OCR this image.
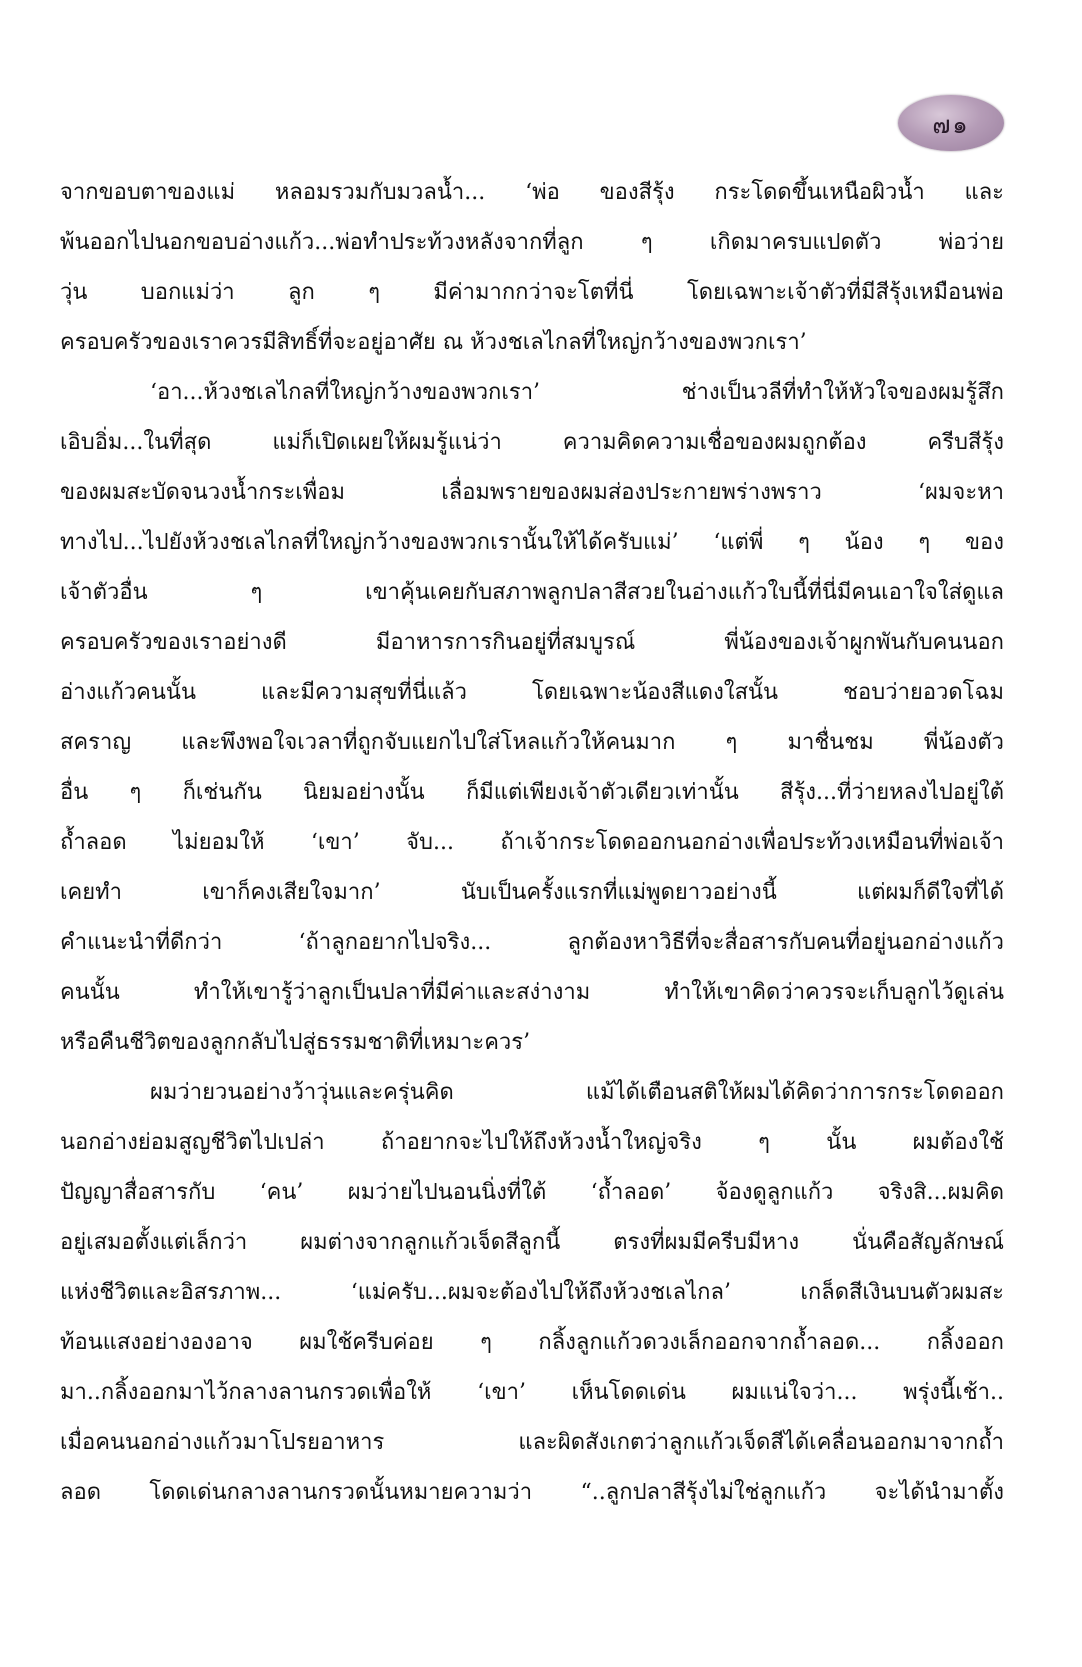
๗๑
จากขอบตาของแม่ หลอมรวมกับมวลน้ำ... ‘พ่อ ของสีรุ้ง กระโดดขึ้นเหนือผิวน้ำ และ
พ้นออกไปนอกขอบอ่างแก้ว...พ่อทำประท้วงหลังจากที่ลูก ๆ เกิดมาครบแปดตัว พ่อว่าย
วุ่น บอกแม่ว่า ลูก ๆ มีค่ามากกว่าจะโตที่นี่ โดยเฉพาะเจ้าตัวที่มีสีรุ้งเหมือนพ่อ
ครอบครัวของเราควรมีสิทธิ์ที่จะอยู่อาศัย ณ ห้วงชเลไกลที่ใหญ่กว้างของพวกเรา’
‘อา...ห้วงชเลไกลที่ใหญ่กว้างของพวกเรา’ ช่างเป็นวลีที่ทำให้หัวใจของผมรู้สึก
เอิบอิ่ม...ในที่สุด แม่ก็เปิดเผยให้ผมรู้แน่ว่า ความคิดความเชื่อของผมถูกต้อง ครีบสีรุ้ง
ของผมสะบัดจนวงน้ำกระเพื่อม เลื่อมพรายของผมส่องประกายพร่างพราว ‘ผมจะหา
ทางไป...ไปยังห้วงชเลไกลที่ใหญ่กว้างของพวกเรานั้นให้ได้ครับแม่’ ‘แต่พี่ ๆ น้อง ๆ ของ
เจ้าตัวอื่น ๆ เขาคุ้นเคยกับสภาพลูกปลาสีสวยในอ่างแก้วใบนี้ที่นี่มีคนเอาใจใส่ดูแล
ครอบครัวของเราอย่างดี มีอาหารการกินอยู่ที่สมบูรณ์ พี่น้องของเจ้าผูกพันกับคนนอก
อ่างแก้วคนนั้น และมีความสุขที่นี่แล้ว โดยเฉพาะน้องสีแดงใสนั้น ชอบว่ายอวดโฉม
สคราญ และพึงพอใจเวลาที่ถูกจับแยกไปใส่โหลแก้วให้คนมาก ๆ มาชื่นชม พี่น้องตัว
อื่น ๆ ก็เช่นกัน นิยมอย่างนั้น ก็มีแต่เพียงเจ้าตัวเดียวเท่านั้น สีรุ้ง...ที่ว่ายหลงไปอยู่ใต้
ถ้ำลอด ไม่ยอมให้ ‘เขา’ จับ... ถ้าเจ้ากระโดดออกนอกอ่างเพื่อประท้วงเหมือนที่พ่อเจ้า
เคยทำ เขาก็คงเสียใจมาก’ นับเป็นครั้งแรกที่แม่พูดยาวอย่างนี้ แต่ผมก็ดีใจที่ได้
คำแนะนำที่ดีกว่า ‘ถ้าลูกอยากไปจริง... ลูกต้องหาวิธีที่จะสื่อสารกับคนที่อยู่นอกอ่างแก้ว
คนนั้น ทำให้เขารู้ว่าลูกเป็นปลาที่มีค่าและสง่างาม ทำให้เขาคิดว่าควรจะเก็บลูกไว้ดูเล่น
หรือคืนชีวิตของลูกกลับไปสู่ธรรมชาติที่เหมาะควร’
ผมว่ายวนอย่างว้าวุ่นและครุ่นคิด แม้ได้เตือนสติให้ผมได้คิดว่าการกระโดดออก
นอกอ่างย่อมสูญชีวิตไปเปล่า ถ้าอยากจะไปให้ถึงห้วงน้ำใหญ่จริง ๆ นั้น ผมต้องใช้
ปัญญาสื่อสารกับ ‘คน’ ผมว่ายไปนอนนิ่งที่ใต้ ‘ถ้ำลอด’ จ้องดูลูกแก้ว จริงสิ...ผมคิด
อยู่เสมอตั้งแต่เล็กว่า ผมต่างจากลูกแก้วเจ็ดสีลูกนี้ ตรงที่ผมมีครีบมีหาง นั่นคือสัญลักษณ์
แห่งชีวิตและอิสรภาพ... ‘แม่ครับ...ผมจะต้องไปให้ถึงห้วงชเลไกล’ เกล็ดสีเงินบนตัวผมสะ
ท้อนแสงอย่างองอาจ ผมใช้ครีบค่อย ๆ กลิ้งลูกแก้วดวงเล็กออกจากถ้ำลอด... กลิ้งออก
มา..กลิ้งออกมาไว้กลางลานกรวดเพื่อให้ ‘เขา’ เห็นโดดเด่น ผมแน่ใจว่า... พรุ่งนี้เช้า..
เมื่อคนนอกอ่างแก้วมาโปรยอาหาร และผิดสังเกตว่าลูกแก้วเจ็ดสีได้เคลื่อนออกมาจากถ้ำ
ลอด โดดเด่นกลางลานกรวดนั้นหมายความว่า “..ลูกปลาสีรุ้งไม่ใช่ลูกแก้ว จะได้นำมาตั้ง
